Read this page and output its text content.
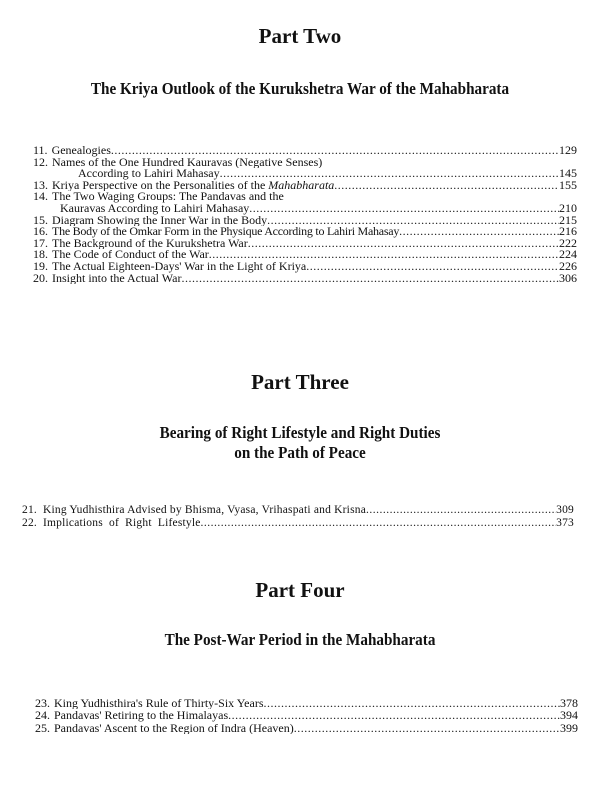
Part Two
The Kriya Outlook of the Kurukshetra War of the Mahabharata
11. Genealogies .....	129
12. Names of the One Hundred Kauravas (Negative Senses)
According to Lahiri Mahasay .....	145
13. Kriya Perspective on the Personalities of the Mahabharata .....	155
14. The Two Waging Groups: The Pandavas and the
Kauravas According to Lahiri Mahasay .....	210
15. Diagram Showing the Inner War in the Body .....	215
16. The Body of the Omkar Form in the Physique According to Lahiri Mahasay .....	216
17. The Background of the Kurukshetra War .....	222
18. The Code of Conduct of the War .....	224
19. The Actual Eighteen-Days' War in the Light of Kriya .....	226
20. Insight into the Actual War .....	306
Part Three
Bearing of Right Lifestyle and Right Duties
on the Path of Peace
21. King Yudhisthira Advised by Bhisma, Vyasa, Vrihaspati and Krisna .....	309
22. Implications  of  Right  Lifestyle .....	373
Part Four
The Post-War Period in the Mahabharata
23. King Yudhisthira's Rule of Thirty-Six Years .....	378
24. Pandavas' Retiring to the Himalayas .....	394
25. Pandavas' Ascent to the Region of Indra (Heaven) .....	399
